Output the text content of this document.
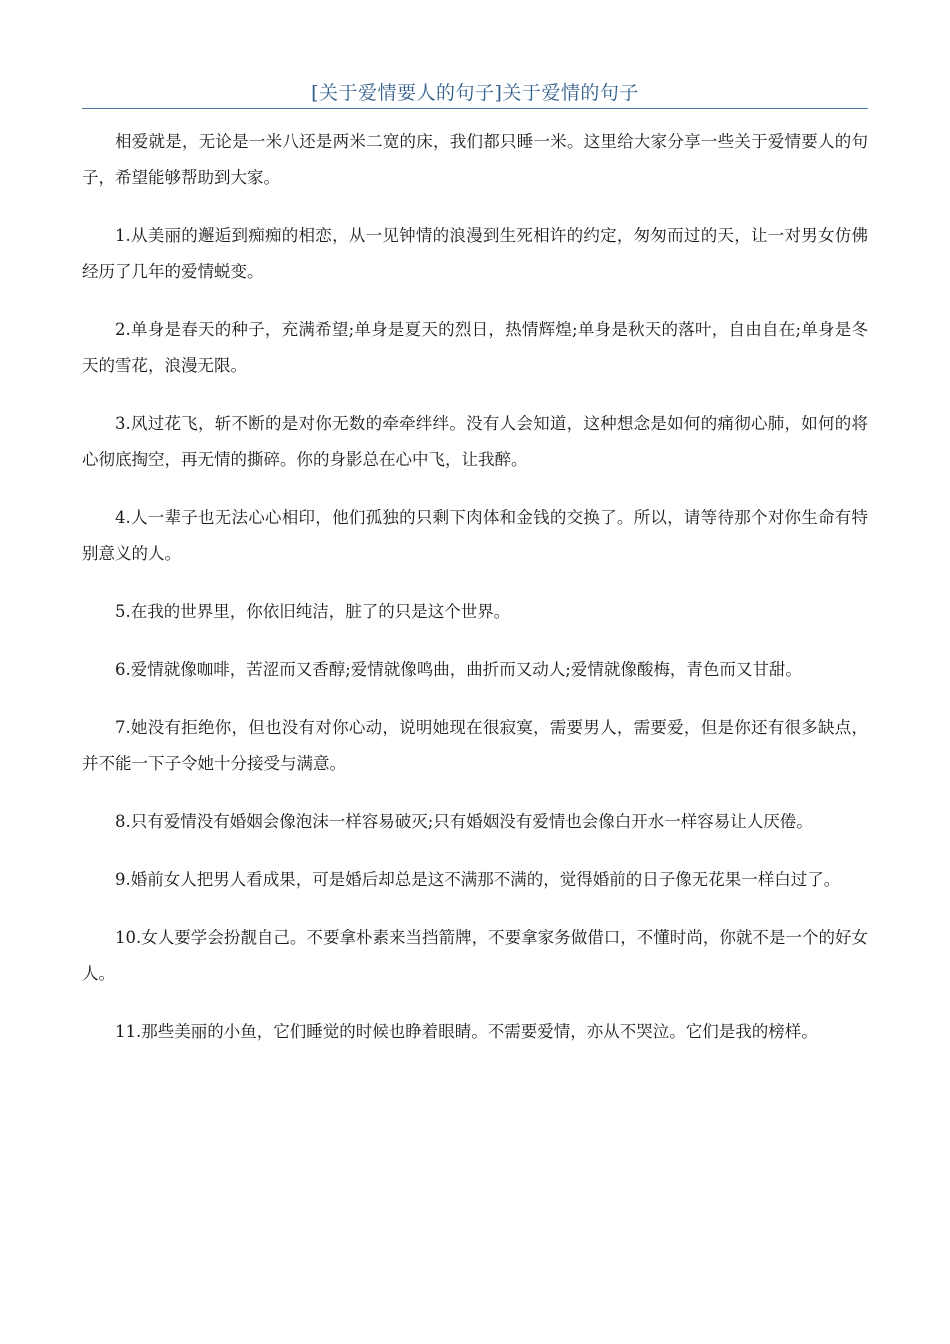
[关于爱情要人的句子]关于爱情的句子

相爱就是，无论是一米八还是两米二宽的床，我们都只睡一米。这里给大家分享一些关于爱情要人的句子，希望能够帮助到大家。

1.从美丽的邂逅到痴痴的相恋，从一见钟情的浪漫到生死相许的约定，匆匆而过的天，让一对男女仿佛经历了几年的爱情蜕变。

2.单身是春天的种子，充满希望;单身是夏天的烈日，热情辉煌;单身是秋天的落叶，自由自在;单身是冬天的雪花，浪漫无限。

3.风过花飞，斩不断的是对你无数的牵牵绊绊。没有人会知道，这种想念是如何的痛彻心肺，如何的将心彻底掏空，再无情的撕碎。你的身影总在心中飞，让我醉。

4.人一辈子也无法心心相印，他们孤独的只剩下肉体和金钱的交换了。所以，请等待那个对你生命有特别意义的人。

5.在我的世界里，你依旧纯洁，脏了的只是这个世界。

6.爱情就像咖啡，苦涩而又香醇;爱情就像鸣曲，曲折而又动人;爱情就像酸梅，青色而又甘甜。

7.她没有拒绝你，但也没有对你心动，说明她现在很寂寞，需要男人，需要爱，但是你还有很多缺点，并不能一下子令她十分接受与满意。

8.只有爱情没有婚姻会像泡沫一样容易破灭;只有婚姻没有爱情也会像白开水一样容易让人厌倦。

9.婚前女人把男人看成果，可是婚后却总是这不满那不满的，觉得婚前的日子像无花果一样白过了。

10.女人要学会扮靓自己。不要拿朴素来当挡箭牌，不要拿家务做借口，不懂时尚，你就不是一个的好女人。

11.那些美丽的小鱼，它们睡觉的时候也睁着眼睛。不需要爱情，亦从不哭泣。它们是我的榜样。
